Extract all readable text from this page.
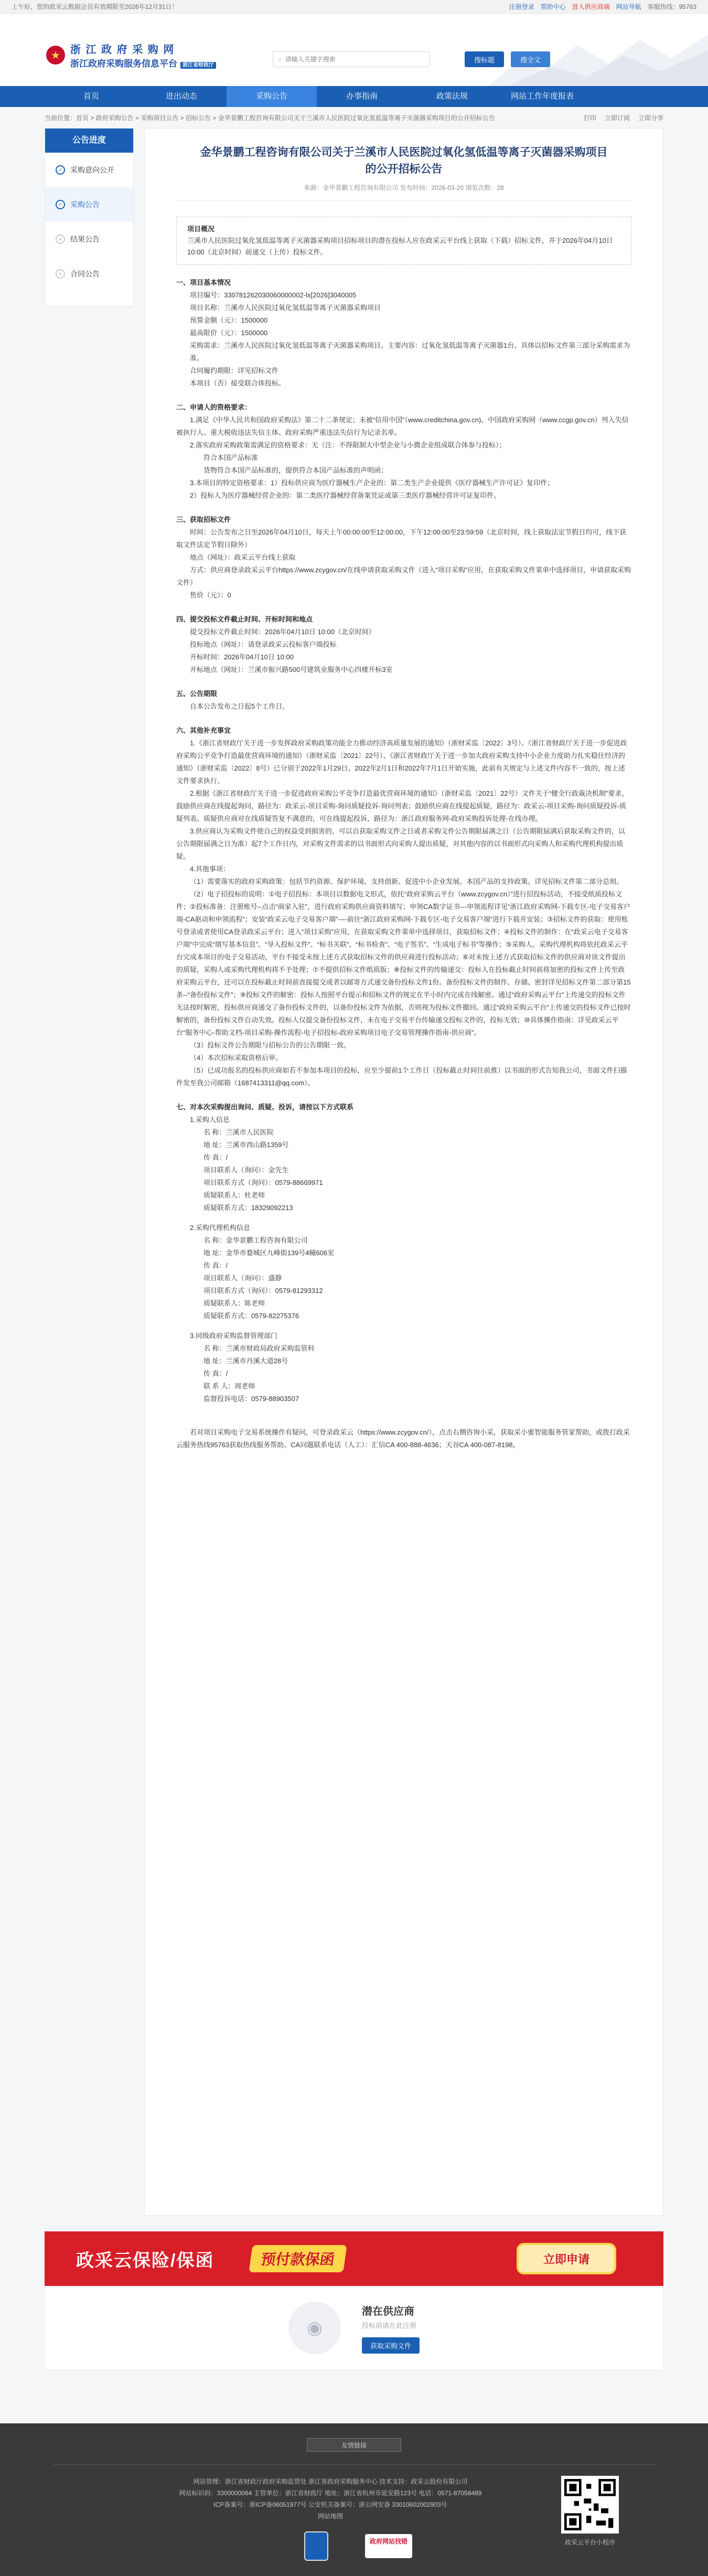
上午好，您的政采云数据会员有效期限至2026年12月31日！	注册登录 帮助中心 进入供应商端 网站导航 客服热线：95763
★ 浙 江 政 府 采 购 网
浙江政府采购服务信息平台 浙江省财政厅
⌕
请输入关键字搜索	搜标题	搜全文
首页	进出动态	采购公告	办事指南	政策法规	网站工作年度报表
当前位置：首页 > 政府采购公告 > 采购项目公告 > 招标公告 > 金华景鹏工程咨询有限公司关于兰溪市人民医院过氧化氢低温等离子灭菌器采购项目的公开招标公告	打印 立即订阅 立即分享
公告进度
✓	采购意向公开
✓	采购公告
●	结果公告
●	合同公告
金华景鹏工程咨询有限公司关于兰溪市人民医院过氧化氢低温等离子灭菌器采购项目的公开招标公告
来源：金华景鹏工程咨询有限公司 发布时间：2026-03-20 浏览次数：28
项目概况
兰溪市人民医院过氧化氢低温等离子灭菌器采购项目招标项目的潜在投标人应在政采云平台线上获取（下载）招标文件，并于2026年04月10日 10:00（北京时间）前递交（上传）投标文件。
一、项目基本情况

项目编号：330781262030060000002-lx[2026]3040005

项目名称：兰溪市人民医院过氧化氢低温等离子灭菌器采购项目

预算金额（元）：1500000

最高限价（元）：1500000

采购需求：兰溪市人民医院过氧化氢低温等离子灭菌器采购项目。主要内容：过氧化氢低温等离子灭菌器1台。具体以招标文件第三部分采购需求为准。

合同履约期限：详见招标文件

本项目（否）接受联合体投标。

二、申请人的资格要求：

1.满足《中华人民共和国政府采购法》第二十二条规定；未被“信用中国”（www.creditchina.gov.cn)、中国政府采购网（www.ccgp.gov.cn）列入失信被执行人、重大税收违法失信主体、政府采购严重违法失信行为记录名单。

2.落实政府采购政策需满足的资格要求：无（注：不得限制大中型企业与小微企业组成联合体参与投标）；

符合本国产品标准

货物符合本国产品标准的，提供符合本国产品标准的声明函；

3.本项目的特定资格要求：1）投标供应商为医疗器械生产企业的：第二类生产企业提供《医疗器械生产许可证》复印件；

2）投标人为医疗器械经营企业的：第二类医疗器械经营备案凭证或第三类医疗器械经营许可证复印件。

三、获取招标文件

时间：公告发布之日至2026年04月10日，每天上午00:00:00至12:00:00，下午12:00:00至23:59:59（北京时间，线上获取法定节假日均可，线下获取文件法定节假日除外）

地点（网址）：政采云平台线上获取

方式：供应商登录政采云平台https://www.zcygov.cn/在线申请获取采购文件（进入“项目采购”应用，在获取采购文件菜单中选择项目，申请获取采购文件）

售价（元）：0

四、提交投标文件截止时间、开标时间和地点

提交投标文件截止时间：2026年04月10日 10:00（北京时间）

投标地点（网址）：请登录政采云投标客户端投标

开标时间：2026年04月10日 10:00

开标地点（网址）：兰溪市振兴路500号建筑业服务中心四楼开标3室

五、公告期限

自本公告发布之日起5个工作日。

六、其他补充事宜

1.《浙江省财政厅关于进一步发挥政府采购政策功能全力推动经济高质量发展的通知》（浙财采监〔2022〕3号）、《浙江省财政厅关于进一步促进政府采购公平竞争打造最优营商环境的通知》（浙财采监〔2021〕22号）、《浙江省财政厅关于进一步加大政府采购支持中小企业力度助力扎实稳住经济的通知》（浙财采监〔2022〕8号）已分别于2022年1月29日、2022年2月1日和2022年7月1日开始实施，此前有关规定与上述文件内容不一致的，按上述文件要求执行。

2.根据《浙江省财政厅关于进一步促进政府采购公平竞争打造最优营商环境的通知》（浙财采监〔2021〕22号）文件关于“健全行政裁决机制”要求，鼓励供应商在线提起询问，路径为：政采云-项目采购-询问质疑投诉-询问列表；鼓励供应商在线提起质疑，路径为：政采云-项目采购-询问质疑投诉-质疑列表。质疑供应商对在线质疑答复不满意的，可在线提起投诉，路径为：浙江政府服务网-政府采购投诉处理-在线办理。

3.供应商认为采购文件使自己的权益受到损害的，可以自获取采购文件之日或者采购文件公告期限届满之日（公告期限届满后获取采购文件的，以公告期限届满之日为准）起7个工作日内，对采购文件需求的以书面形式向采购人提出质疑，对其他内容的以书面形式向采购人和采购代理机构提出质疑。

4.其他事项：

（1）需要落实的政府采购政策：包括节约资源、保护环境、支持创新、促进中小企业发展。本国产品的支持政策。详见招标文件第二部分总则。

（2）电子招投标的说明：①电子招投标：本项目以数据电文形式，依托“政府采购云平台（www.zcygov.cn）”进行招投标活动，不接受纸质投标文件；②投标准备：注册账号--点击“商家入驻”，进行政府采购供应商资料填写；申领CA数字证书---申领流程详见“浙江政府采购网-下载专区-电子交易客户端-CA驱动和申领流程”；安装“政采云电子交易客户端”----前往“浙江政府采购网-下载专区-电子交易客户端”进行下载并安装；③招标文件的获取：使用账号登录或者使用CA登录政采云平台；进入“项目采购”应用，在获取采购文件菜单中选择项目，获取招标文件；④投标文件的制作：在“政采云电子交易客户端”中完成“填写基本信息”、“导入投标文件”、“标书关联”、“标书检查”、“电子签名”、“生成电子标书”等操作；⑤采购人、采购代理机构将依托政采云平台完成本项目的电子交易活动，平台不接受未按上述方式获取招标文件的供应商进行投标活动；⑥对未按上述方式获取招标文件的供应商对该文件提出的质疑，采购人或采购代理机构将不予处理；⑦不提供招标文件纸质版；⑧投标文件的传输递交：投标人在投标截止时间前将加密的投标文件上传至政府采购云平台，还可以在投标截止时间前直接提交或者以邮寄方式递交备份投标文件1份。备份投标文件的制作、存储、密封详见招标文件第二部分第15条--“备份投标文件”；⑨投标文件的解密：投标人按照平台提示和招标文件的规定在半小时内完成在线解密。通过“政府采购云平台”上传递交的投标文件无法按时解密，投标供应商递交了备份投标文件的，以备份投标文件为依据，否则视为投标文件撤回。通过“政府采购云平台”上传递交的投标文件已按时解密的，备份投标文件自动失效。投标人仅提交备份投标文件，未在电子交易平台传输递交投标文件的，投标无效；⑩具体操作指南：详见政采云平台“服务中心-帮助文档-项目采购-操作流程-电子招投标-政府采购项目电子交易管理操作指南-供应商”。

（3）投标文件公告期限与招标公告的公告期限一致。

（4）本次招标采取资格后审。

（5）已成功报名的投标供应商如若不参加本项目的投标，应至少提前1个工作日（投标截止时间往前推）以书面的形式告知我公司，书面文件扫描件发至我公司邮箱（1687413311@qq.com）。

七、对本次采购提出询问、质疑、投诉，请按以下方式联系

1.采购人信息

名 称：兰溪市人民医院

地 址：兰溪市西山路1359号

传 真：/

项目联系人（询问）：金先生

项目联系方式（询问）：0579-88669971

质疑联系人：杜老师

质疑联系方式：18329092213

2.采购代理机构信息

名 称：金华景鹏工程咨询有限公司

地 址：金华市婺城区九峰街139号4幢606室

传 真：/

项目联系人（询问）：盛静

项目联系方式（询问）：0579-81293312

质疑联系人：陈老师

质疑联系方式：0579-82275376

3.同级政府采购监督管理部门

名 称：兰溪市财政局政府采购监管科

地 址：兰溪市丹溪大道28号

传 真：/

联 系 人：周老师

监督投诉电话：0579-88903507

若对项目采购电子交易系统操作有疑问，可登录政采云（https://www.zcygov.cn/），点击右侧咨询小采，获取采小蜜智能服务管家帮助，或拨打政采云服务热线95763获取热线服务帮助。CA问题联系电话（人工）：汇信CA 400-888-4636；天谷CA 400-087-8198。
政采云保险/保函	预付款保函	立即申请
◉
潜在供应商
投标前请在此注册
获取采购文件
友情链接
网站管理：浙江省财政厅政府采购监管处 浙江省政府采购服务中心 技术支持：政采云股份有限公司
网站标识码：3300000064 主管单位：浙江省财政厅 地址：浙江省杭州市延安路123号 电话：0571-87058489
ICP备案号：浙ICP备06051977号 公安机关备案号：浙公网安备 33010602002903号
网站地图
政采云平台小程序
政府网站找错
